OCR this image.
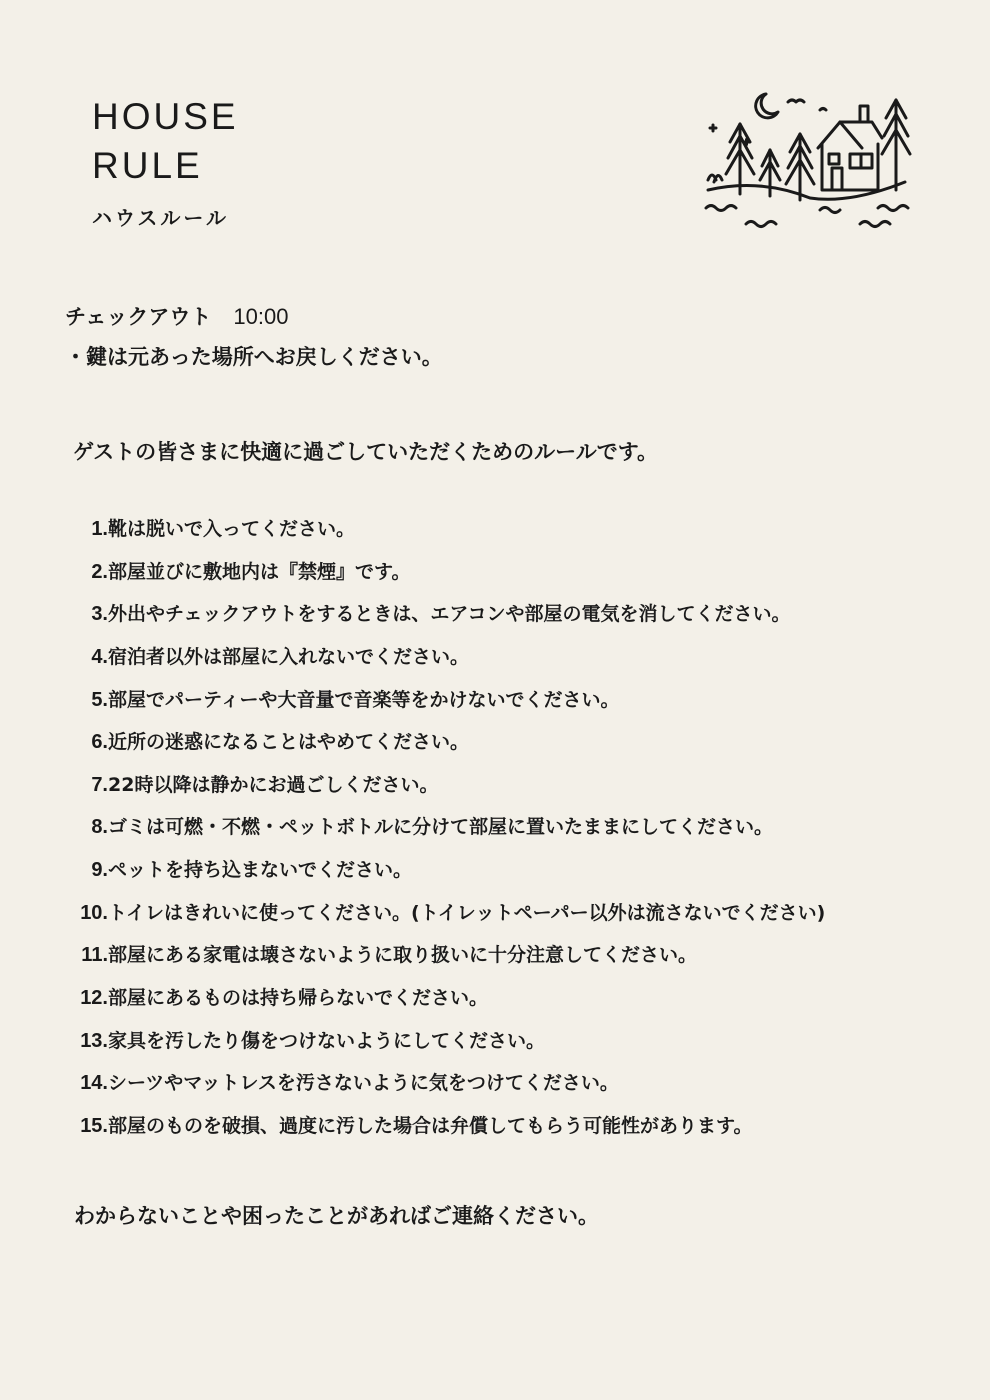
HOUSE
RULE
ハウスルール
チェックアウト 10:00
・鍵は元あった場所へお戻しください。
ゲストの皆さまに快適に過ごしていただくためのルールです。
1. 靴は脱いで入ってください。
2. 部屋並びに敷地内は『禁煙』です。
3. 外出やチェックアウトをするときは、エアコンや部屋の電気を消してください。
4. 宿泊者以外は部屋に入れないでください。
5. 部屋でパーティーや大音量で音楽等をかけないでください。
6. 近所の迷惑になることはやめてください。
7. 22時以降は静かにお過ごしください。
8. ゴミは可燃・不燃・ペットボトルに分けて部屋に置いたままにしてください。
9. ペットを持ち込まないでください。
10. トイレはきれいに使ってください。(トイレットペーパー以外は流さないでください)
11. 部屋にある家電は壊さないように取り扱いに十分注意してください。
12. 部屋にあるものは持ち帰らないでください。
13. 家具を汚したり傷をつけないようにしてください。
14. シーツやマットレスを汚さないように気をつけてください。
15. 部屋のものを破損、過度に汚した場合は弁償してもらう可能性があります。
わからないことや困ったことがあればご連絡ください。
